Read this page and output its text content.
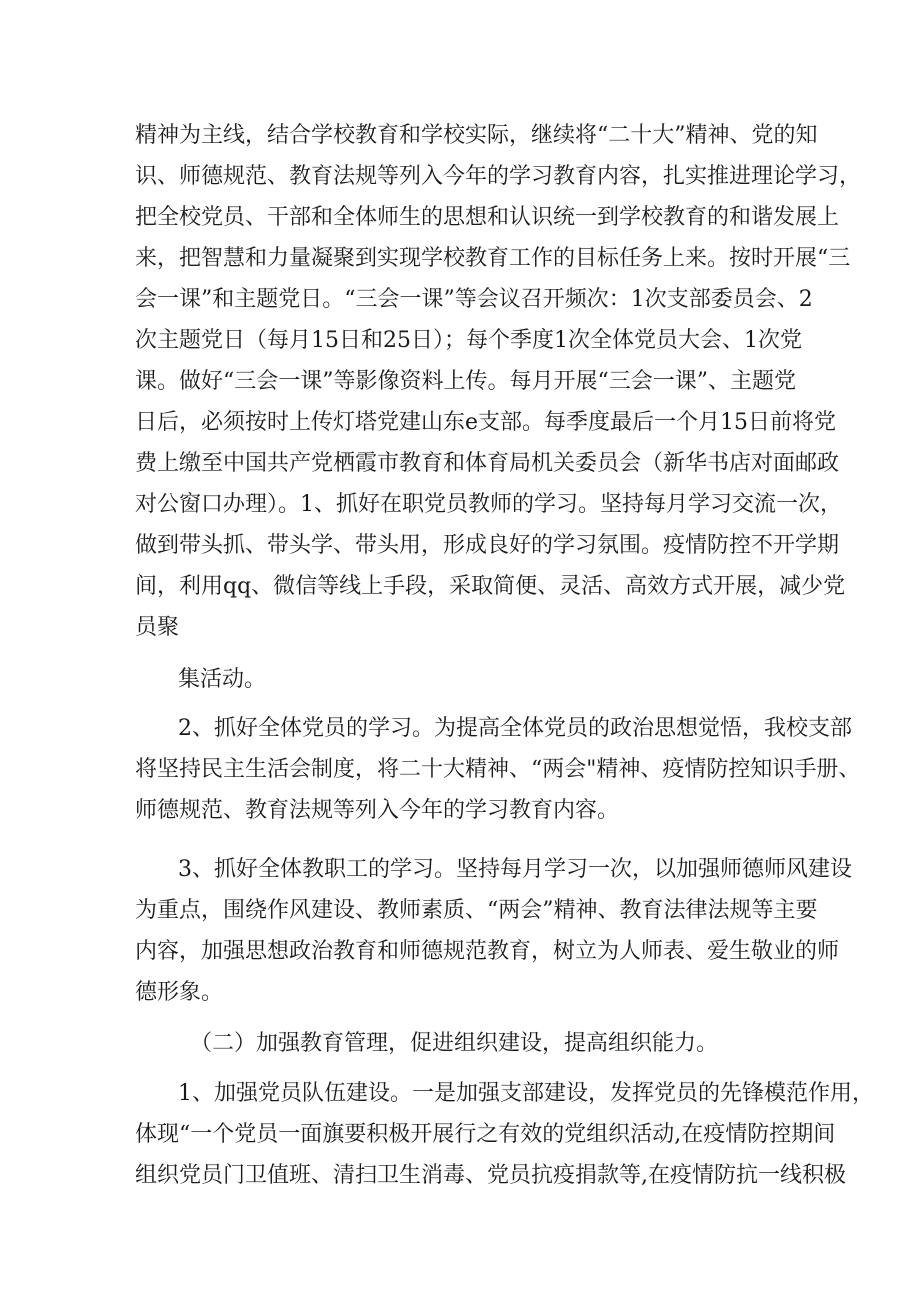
精神为主线，结合学校教育和学校实际，继续将“二十大”精神、党的知
识、师德规范、教育法规等列入今年的学习教育内容，扎实推进理论学习，
把全校党员、干部和全体师生的思想和认识统一到学校教育的和谐发展上
来，把智慧和力量凝聚到实现学校教育工作的目标任务上来。按时开展“三
会一课”和主题党日。“三会一课”等会议召开频次：1次支部委员会、2
次主题党日（每月15日和25日）；每个季度1次全体党员大会、1次党
课。做好“三会一课”等影像资料上传。每月开展“三会一课”、主题党
日后，必须按时上传灯塔党建山东e支部。每季度最后一个月15日前将党
费上缴至中国共产党栖霞市教育和体育局机关委员会（新华书店对面邮政
对公窗口办理）。1、抓好在职党员教师的学习。坚持每月学习交流一次，
做到带头抓、带头学、带头用，形成良好的学习氛围。疫情防控不开学期
间，利用qq、微信等线上手段，采取简便、灵活、高效方式开展，减少党
员聚
集活动。
2、抓好全体党员的学习。为提高全体党员的政治思想觉悟，我校支部
将坚持民主生活会制度，将二十大精神、“两会"精神、疫情防控知识手册、
师德规范、教育法规等列入今年的学习教育内容。
3、抓好全体教职工的学习。坚持每月学习一次，以加强师德师风建设
为重点，围绕作风建设、教师素质、“两会”精神、教育法律法规等主要
内容，加强思想政治教育和师德规范教育，树立为人师表、爱生敬业的师
德形象。
（二）加强教育管理，促进组织建设，提高组织能力。
1、加强党员队伍建设。一是加强支部建设，发挥党员的先锋模范作用，
体现“一个党员一面旗要积极开展行之有效的党组织活动,在疫情防控期间
组织党员门卫值班、清扫卫生消毒、党员抗疫捐款等,在疫情防抗一线积极
